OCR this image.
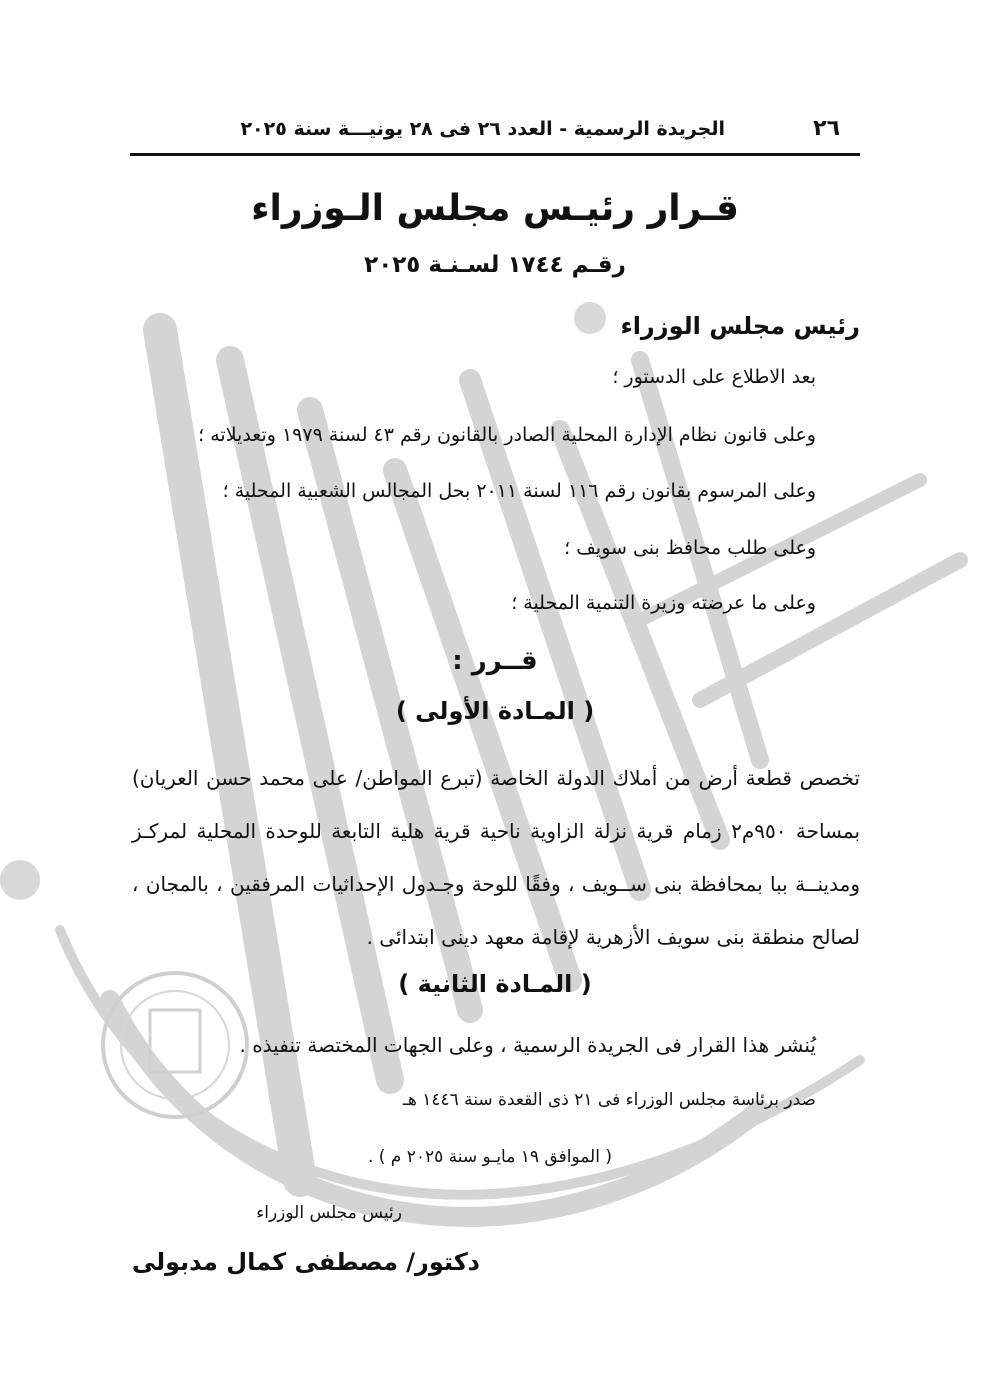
٢٦
الجريدة الرسمية - العدد ٢٦ فى ٢٨ يونيـــة سنة ٢٠٢٥
قـرار رئيـس مجلس الـوزراء
رقـم ١٧٤٤ لسـنـة ٢٠٢٥
رئيس مجلس الوزراء
بعد الاطلاع على الدستور ؛
وعلى قانون نظام الإدارة المحلية الصادر بالقانون رقم ٤٣ لسنة ١٩٧٩ وتعديلاته ؛
وعلى المرسوم بقانون رقم ١١٦ لسنة ٢٠١١ بحل المجالس الشعبية المحلية ؛
وعلى طلب محافظ بنى سويف ؛
وعلى ما عرضته وزيرة التنمية المحلية ؛
قــرر :
( المـادة الأولى )
تخصص قطعة أرض من أملاك الدولة الخاصة (تبرع المواطن/ على محمد حسن العريان) بمساحة ٩٥٠م٢ زمام قرية نزلة الزاوية ناحية قرية هلية التابعة للوحدة المحلية لمركـز ومدينــة ببا بمحافظة بنى ســويف ، وفقًا للوحة وجـدول الإحداثيات المرفقين ، بالمجان ، لصالح منطقة بنى سويف الأزهرية لإقامة معهد دينى ابتدائى .
( المـادة الثانية )
يُنشر هذا القرار فى الجريدة الرسمية ، وعلى الجهات المختصة تنفيذه .
صدر برئاسة مجلس الوزراء فى ٢١ ذى القعدة سنة ١٤٤٦ هـ
( الموافق ١٩ مايـو سنة ٢٠٢٥ م ) .
رئيس مجلس الوزراء
دكتور/ مصطفى كمال مدبولى
